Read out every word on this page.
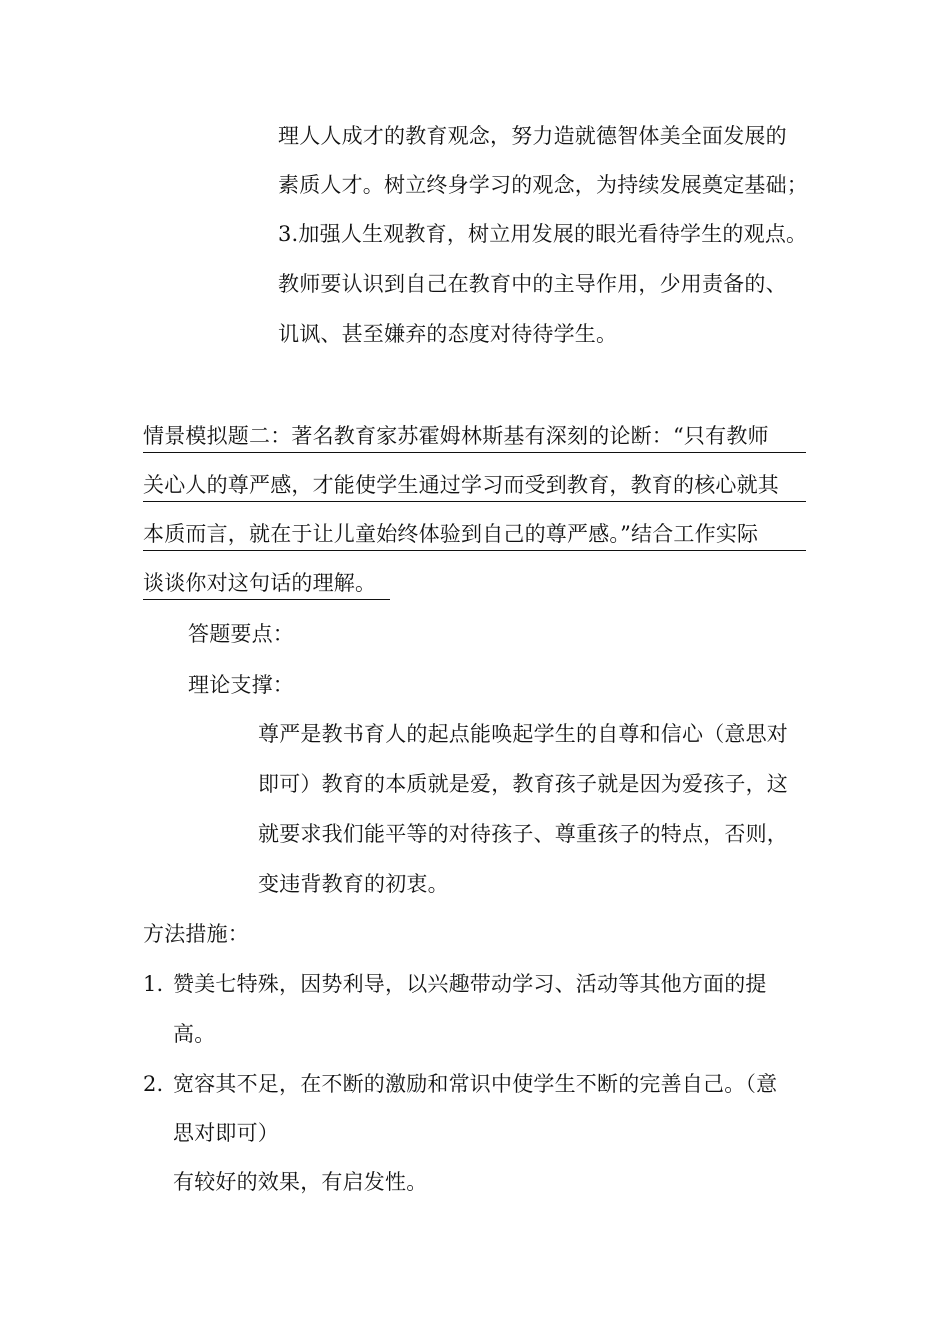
理人人成才的教育观念，努力造就德智体美全面发展的
素质人才。树立终身学习的观念，为持续发展奠定基础；
3.加强人生观教育，树立用发展的眼光看待学生的观点。
教师要认识到自己在教育中的主导作用，少用责备的、
讥讽、甚至嫌弃的态度对待待学生。
情景模拟题二：著名教育家苏霍姆林斯基有深刻的论断：“只有教师
关心人的尊严感，才能使学生通过学习而受到教育，教育的核心就其
本质而言，就在于让儿童始终体验到自己的尊严感。”结合工作实际
谈谈你对这句话的理解。
答题要点：
理论支撑：
尊严是教书育人的起点能唤起学生的自尊和信心（意思对
即可）教育的本质就是爱，教育孩子就是因为爱孩子，这
就要求我们能平等的对待孩子、尊重孩子的特点，否则，
变违背教育的初衷。
方法措施：
1. 赞美七特殊，因势利导，以兴趣带动学习、活动等其他方面的提
高。
2. 宽容其不足，在不断的激励和常识中使学生不断的完善自己。（意
思对即可）
有较好的效果，有启发性。
